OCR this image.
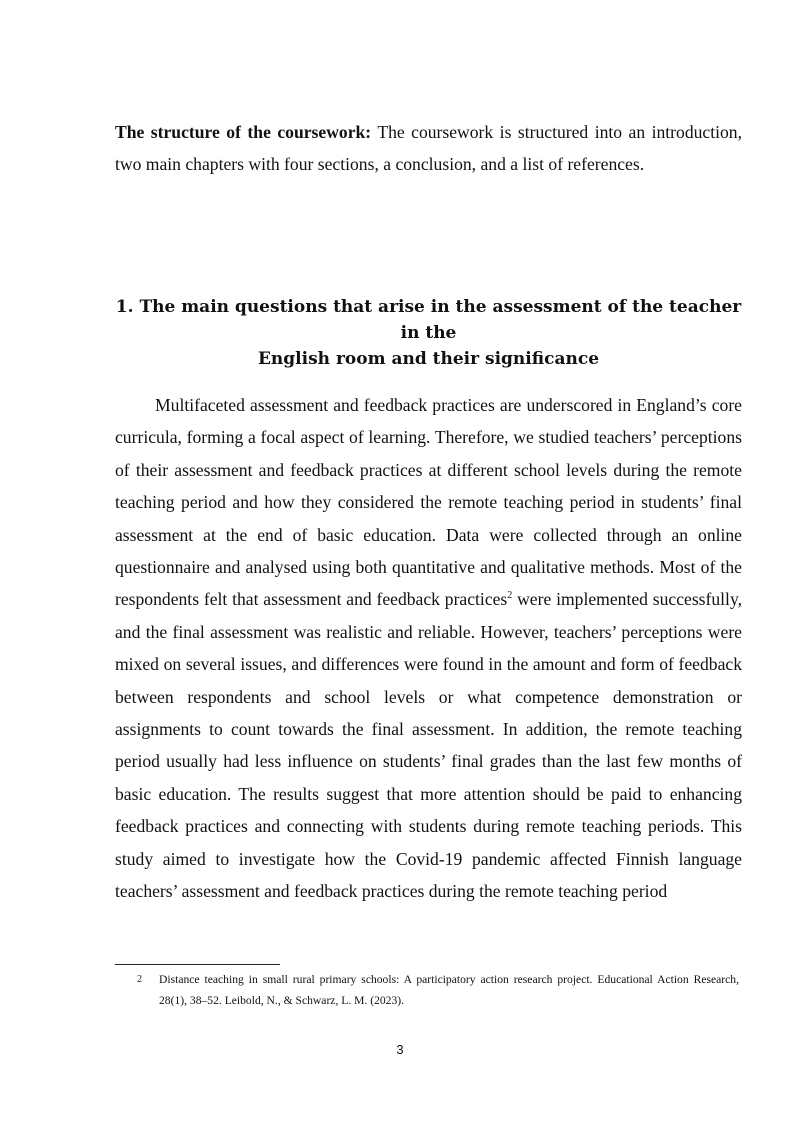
The structure of the coursework: The coursework is structured into an introduction, two main chapters with four sections, a conclusion, and a list of references.

1. The main questions that arise in the assessment of the teacher in the
English room and their significance

Multifaceted assessment and feedback practices are underscored in England’s core curricula, forming a focal aspect of learning. Therefore, we studied teachers’ perceptions of their assessment and feedback practices at different school levels during the remote teaching period and how they considered the remote teaching period in students’ final assessment at the end of basic education. Data were collected through an online questionnaire and analysed using both quantitative and qualitative methods. Most of the respondents felt that assessment and feedback practices$^2$ were implemented successfully, and the final assessment was realistic and reliable. However, teachers’ perceptions were mixed on several issues, and differences were found in the amount and form of feedback between respondents and school levels or what competence demonstration or assignments to count towards the final assessment. In addition, the remote teaching period usually had less influence on students’ final grades than the last few months of basic education. The results suggest that more attention should be paid to enhancing feedback practices and connecting with students during remote teaching periods. This study aimed to investigate how the Covid-19 pandemic affected Finnish language teachers’ assessment and feedback practices during the remote teaching period

2 Distance teaching in small rural primary schools: A participatory action research project. Educational Action Research, 28(1), 38–52. Leibold, N., & Schwarz, L. M. (2023).
3
